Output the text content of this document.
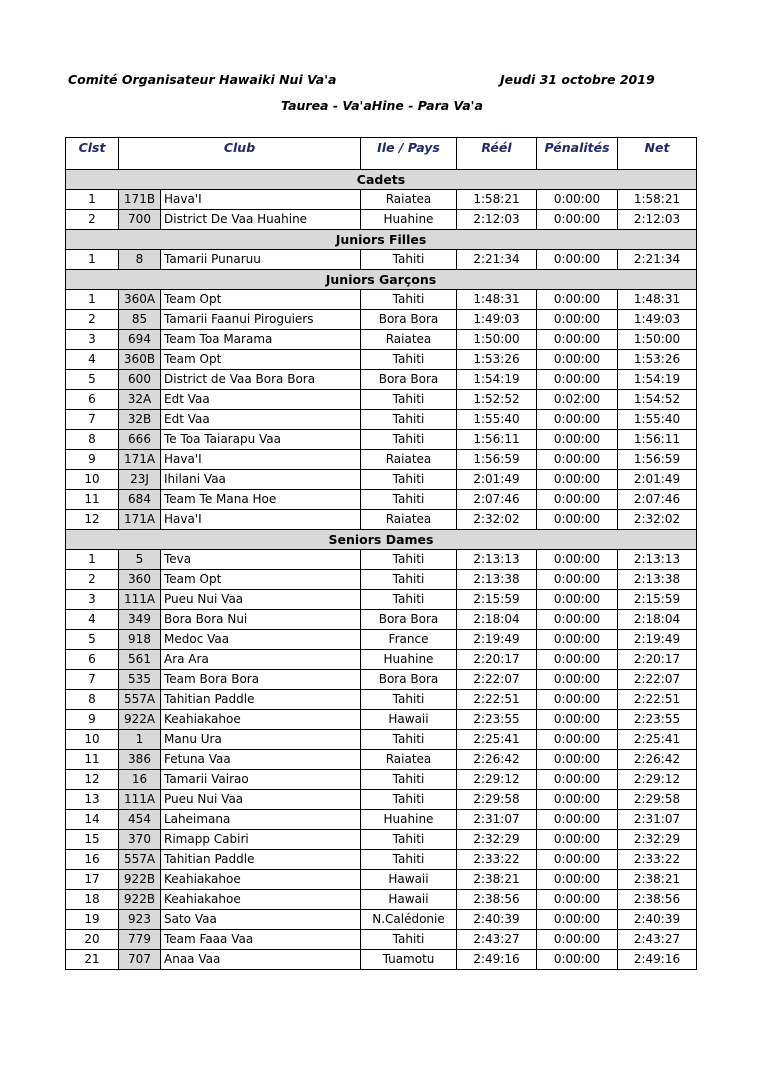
Comité Organisateur Hawaiki Nui Va'a	Jeudi 31 octobre 2019
Taurea - Va'aHine - Para Va'a
Clst	Club		Ile / Pays	Réél	Pénalités	Net
Cadets						
1	171B	Hava'I	Raiatea	1:58:21	0:00:00	1:58:21
2	700	District De Vaa Huahine	Huahine	2:12:03	0:00:00	2:12:03
Juniors Filles						
1	8	Tamarii Punaruu	Tahiti	2:21:34	0:00:00	2:21:34
Juniors Garçons						
1	360A	Team Opt	Tahiti	1:48:31	0:00:00	1:48:31
2	85	Tamarii Faanui Piroguiers	Bora Bora	1:49:03	0:00:00	1:49:03
3	694	Team Toa Marama	Raiatea	1:50:00	0:00:00	1:50:00
4	360B	Team Opt	Tahiti	1:53:26	0:00:00	1:53:26
5	600	District de Vaa Bora Bora	Bora Bora	1:54:19	0:00:00	1:54:19
6	32A	Edt Vaa	Tahiti	1:52:52	0:02:00	1:54:52
7	32B	Edt Vaa	Tahiti	1:55:40	0:00:00	1:55:40
8	666	Te Toa Taiarapu Vaa	Tahiti	1:56:11	0:00:00	1:56:11
9	171A	Hava'I	Raiatea	1:56:59	0:00:00	1:56:59
10	23J	Ihilani Vaa	Tahiti	2:01:49	0:00:00	2:01:49
11	684	Team Te Mana Hoe	Tahiti	2:07:46	0:00:00	2:07:46
12	171A	Hava'I	Raiatea	2:32:02	0:00:00	2:32:02
Seniors Dames						
1	5	Teva	Tahiti	2:13:13	0:00:00	2:13:13
2	360	Team Opt	Tahiti	2:13:38	0:00:00	2:13:38
3	111A	Pueu Nui Vaa	Tahiti	2:15:59	0:00:00	2:15:59
4	349	Bora Bora Nui	Bora Bora	2:18:04	0:00:00	2:18:04
5	918	Medoc Vaa	France	2:19:49	0:00:00	2:19:49
6	561	Ara Ara	Huahine	2:20:17	0:00:00	2:20:17
7	535	Team Bora Bora	Bora Bora	2:22:07	0:00:00	2:22:07
8	557A	Tahitian Paddle	Tahiti	2:22:51	0:00:00	2:22:51
9	922A	Keahiakahoe	Hawaii	2:23:55	0:00:00	2:23:55
10	1	Manu Ura	Tahiti	2:25:41	0:00:00	2:25:41
11	386	Fetuna Vaa	Raiatea	2:26:42	0:00:00	2:26:42
12	16	Tamarii Vairao	Tahiti	2:29:12	0:00:00	2:29:12
13	111A	Pueu Nui Vaa	Tahiti	2:29:58	0:00:00	2:29:58
14	454	Laheimana	Huahine	2:31:07	0:00:00	2:31:07
15	370	Rimapp Cabiri	Tahiti	2:32:29	0:00:00	2:32:29
16	557A	Tahitian Paddle	Tahiti	2:33:22	0:00:00	2:33:22
17	922B	Keahiakahoe	Hawaii	2:38:21	0:00:00	2:38:21
18	922B	Keahiakahoe	Hawaii	2:38:56	0:00:00	2:38:56
19	923	Sato Vaa	N.Calédonie	2:40:39	0:00:00	2:40:39
20	779	Team Faaa Vaa	Tahiti	2:43:27	0:00:00	2:43:27
21	707	Anaa Vaa	Tuamotu	2:49:16	0:00:00	2:49:16
